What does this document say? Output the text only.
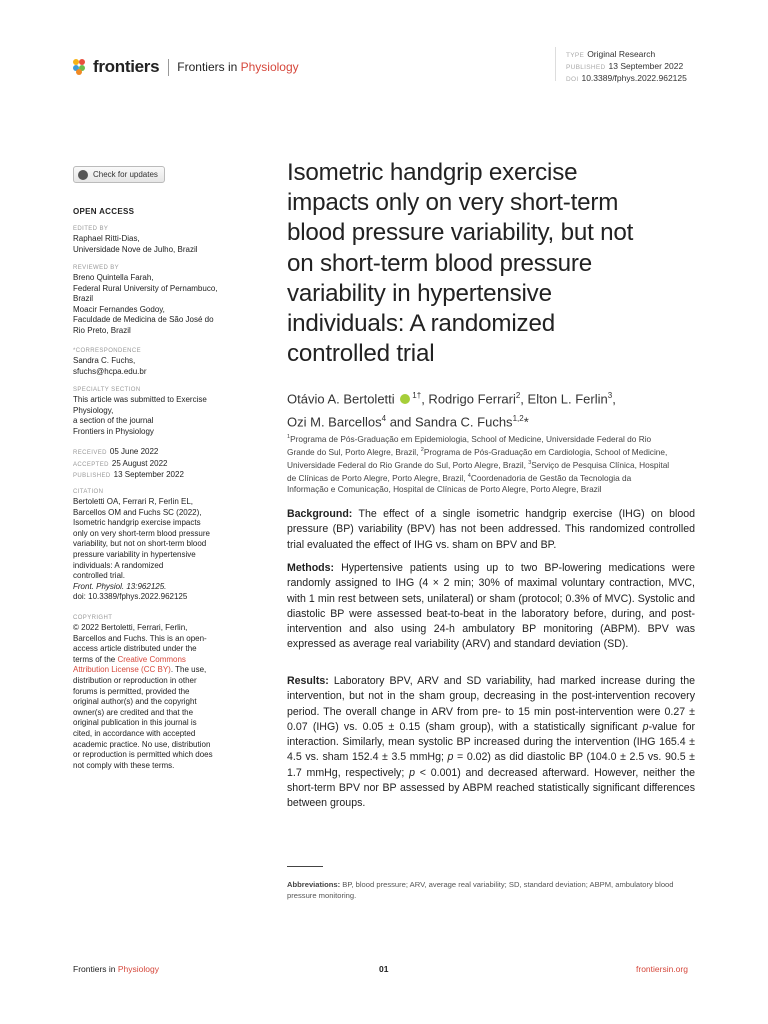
frontiers Frontiers in Physiology
TYPE Original Research
PUBLISHED 13 September 2022
DOI 10.3389/fphys.2022.962125
Check for updates
OPEN ACCESS
EDITED BY
Raphael Ritti-Dias,
Universidade Nove de Julho, Brazil
REVIEWED BY
Breno Quintella Farah,
Federal Rural University of Pernambuco,
Brazil
Moacir Fernandes Godoy,
Faculdade de Medicina de São José do
Rio Preto, Brazil
*CORRESPONDENCE
Sandra C. Fuchs,
sfuchs@hcpa.edu.br
SPECIALTY SECTION
This article was submitted to Exercise
Physiology,
a section of the journal
Frontiers in Physiology
RECEIVED 05 June 2022
ACCEPTED 25 August 2022
PUBLISHED 13 September 2022
CITATION
Bertoletti OA, Ferrari R, Ferlin EL,
Barcellos OM and Fuchs SC (2022),
Isometric handgrip exercise impacts
only on very short-term blood pressure
variability, but not on short-term blood
pressure variability in hypertensive
individuals: A randomized
controlled trial.
Front. Physiol. 13:962125.
doi: 10.3389/fphys.2022.962125
COPYRIGHT
© 2022 Bertoletti, Ferrari, Ferlin,
Barcellos and Fuchs. This is an open-
access article distributed under the
terms of the Creative Commons
Attribution License (CC BY). The use,
distribution or reproduction in other
forums is permitted, provided the
original author(s) and the copyright
owner(s) are credited and that the
original publication in this journal is
cited, in accordance with accepted
academic practice. No use, distribution
or reproduction is permitted which does
not comply with these terms.
Isometric handgrip exercise
impacts only on very short-term
blood pressure variability, but not
on short-term blood pressure
variability in hypertensive
individuals: A randomized
controlled trial
Otávio A. Bertoletti $^{1\dagger}$, Rodrigo Ferrari$^2$, Elton L. Ferlin$^3$,
Ozi M. Barcellos$^4$ and Sandra C. Fuchs$^{1,2}$*
$^1$Programa de Pós-Graduação em Epidemiologia, School of Medicine, Universidade Federal do Rio
Grande do Sul, Porto Alegre, Brazil, $^2$Programa de Pós-Graduação em Cardiologia, School of Medicine,
Universidade Federal do Rio Grande do Sul, Porto Alegre, Brazil, $^3$Serviço de Pesquisa Clínica, Hospital
de Clínicas de Porto Alegre, Porto Alegre, Brazil, $^4$Coordenadoria de Gestão da Tecnologia da
Informação e Comunicação, Hospital de Clínicas de Porto Alegre, Porto Alegre, Brazil
Background: The effect of a single isometric handgrip exercise (IHG) on blood pressure (BP) variability (BPV) has not been addressed. This randomized controlled trial evaluated the effect of IHG vs. sham on BPV and BP.
Methods: Hypertensive patients using up to two BP-lowering medications were randomly assigned to IHG (4 × 2 min; 30% of maximal voluntary contraction, MVC, with 1 min rest between sets, unilateral) or sham (protocol; 0.3% of MVC). Systolic and diastolic BP were assessed beat-to-beat in the laboratory before, during, and post-intervention and also using 24-h ambulatory BP monitoring (ABPM). BPV was expressed as average real variability (ARV) and standard deviation (SD).
Results: Laboratory BPV, ARV and SD variability, had marked increase during the intervention, but not in the sham group, decreasing in the post-intervention recovery period. The overall change in ARV from pre- to 15 min post-intervention were 0.27 ± 0.07 (IHG) vs. 0.05 ± 0.15 (sham group), with a statistically significant p-value for interaction. Similarly, mean systolic BP increased during the intervention (IHG 165.4 ± 4.5 vs. sham 152.4 ± 3.5 mmHg; p = 0.02) as did diastolic BP (104.0 ± 2.5 vs. 90.5 ± 1.7 mmHg, respectively; p < 0.001) and decreased afterward. However, neither the short-term BPV nor BP assessed by ABPM reached statistically significant differences between groups.
Abbreviations: BP, blood pressure; ARV, average real variability; SD, standard deviation; ABPM, ambulatory blood pressure monitoring.
Frontiers in Physiology	01	frontiersin.org
